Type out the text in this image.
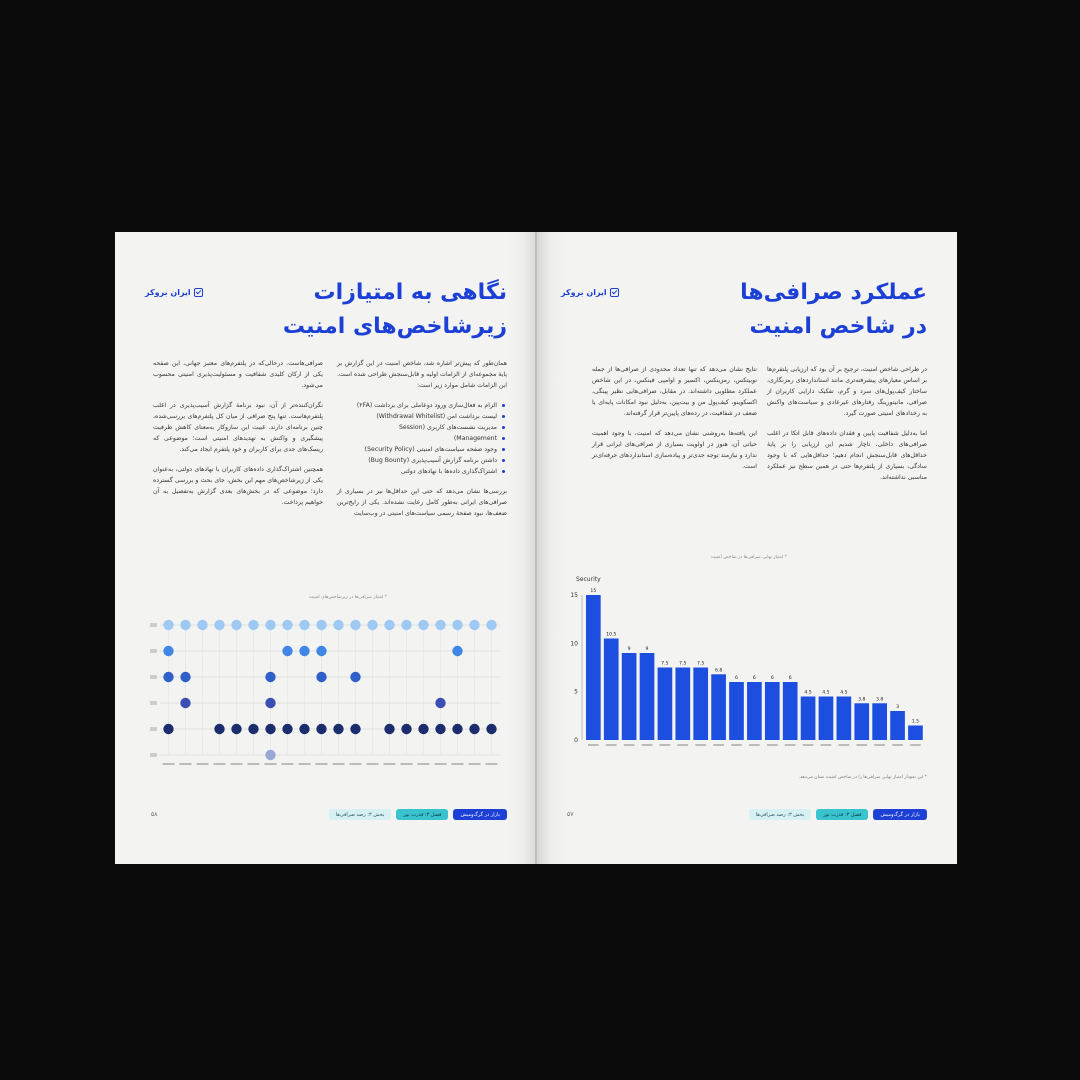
ایران بروکر	نگاهی به امتیازات
زیرشاخص‌های امنیت

همان‌طور که پیش‌تر اشاره شد، شاخص امنیت در این گزارش بر پایهٔ مجموعه‌ای از الزامات اولیه و قابل‌سنجش طراحی شده است. این الزامات شامل موارد زیر است:

الزام به فعال‌سازی ورود دوعاملی برای برداشت (۲FA)
لیست برداشت امن (Withdrawal Whitelist)
مدیریت نشست‌های کاربری (Session
Management)
وجود صفحه سیاست‌های امنیتی (Security Policy)
داشتن برنامه گزارش آسیب‌پذیری (Bug Bounty)
اشتراک‌گذاری داده‌ها با نهادهای دولتی

بررسی‌ها نشان می‌دهد که حتی این حداقل‌ها نیز در بسیاری از صرافی‌های ایرانی به‌طور کامل رعایت نشده‌اند. یکی از رایج‌ترین ضعف‌ها، نبود صفحهٔ رسمی سیاست‌های امنیتی در وب‌سایت

صرافی‌هاست. درحالی‌که در پلتفرم‌های معتبر جهانی، این صفحه یکی از ارکان کلیدی شفافیت و مسئولیت‌پذیری امنیتی محسوب می‌شود.

نگران‌کننده‌تر از آن، نبود برنامهٔ گزارش آسیب‌پذیری در اغلب پلتفرم‌هاست. تنها پنج صرافی از میان کل پلتفرم‌های بررسی‌شده، چنین برنامه‌ای دارند. غیبت این سازوکار به‌معنای کاهش ظرفیت پیشگیری و واکنش به تهدیدهای امنیتی است؛ موضوعی که ریسک‌های جدی برای کاربران و خود پلتفرم ایجاد می‌کند.

همچنین اشتراک‌گذاری داده‌های کاربران با نهادهای دولتی، به‌عنوان یکی از زیرشاخص‌های مهم این بخش، جای بحث و بررسی گسترده دارد؛ موضوعی که در بخش‌های بعدی گزارش به‌تفصیل به آن خواهیم پرداخت.

* امتیاز صرافی‌ها در زیرشاخص‌های امنیت
بازار در گرگ‌ومیش
فصل ۳: قدرت نور
بخش ۳: رصد صرافی‌ها
۵۸
ایران بروکر	عملکرد صرافی‌ها
در شاخص امنیت

در طراحی شاخص امنیت، ترجیح بر آن بود که ارزیابی پلتفرم‌ها بر اساس معیارهای پیشرفته‌تری مانند استانداردهای رمزنگاری، ساختار کیف‌پول‌های سرد و گرم، تفکیک دارایی کاربران از صرافی، مانیتورینگ رفتارهای غیرعادی و سیاست‌های واکنش به رخدادهای امنیتی صورت گیرد.

اما به‌دلیل شفافیت پایین و فقدان داده‌های قابل اتکا در اغلب صرافی‌های داخلی، ناچار شدیم این ارزیابی را بر پایهٔ حداقل‌های قابل‌سنجش انجام دهیم؛ حداقل‌هایی که با وجود سادگی، بسیاری از پلتفرم‌ها حتی در همین سطح نیز عملکرد مناسبی نداشته‌اند.

نتایج نشان می‌دهد که تنها تعداد محدودی از صرافی‌ها از جمله نوبیتکس، رمزینکس، اکسیر و اوامپی فینکس، در این شاخص عملکرد مطلوبی داشته‌اند. در مقابل، صرافی‌هایی نظیر پینگی، اکسکوینو، کیف‌پول من و بیت‌پین، به‌دلیل نبود امکانات پایه‌ای یا ضعف در شفافیت، در رده‌های پایین‌تر قرار گرفته‌اند.

این یافته‌ها به‌روشنی نشان می‌دهد که امنیت، با وجود اهمیت حیاتی آن، هنوز در اولویت بسیاری از صرافی‌های ایرانی قرار ندارد و نیازمند توجه جدی‌تر و پیاده‌سازی استانداردهای حرفه‌ای‌تر است.

* امتیاز نهایی صرافی‌ها در شاخص امنیت
Security
0
5
10
15
15
10.5
9	9
7.5 7.5 7.5
6.8
6	6	6	6
4.5 4.5 4.5
3.8 3.8
3
1.5
* این نمودار امتیاز نهایی صرافی‌ها را در شاخص امنیت نشان می‌دهد.
بازار در گرگ‌ومیش
فصل ۳: قدرت نور
بخش ۳: رصد صرافی‌ها
۵۷
